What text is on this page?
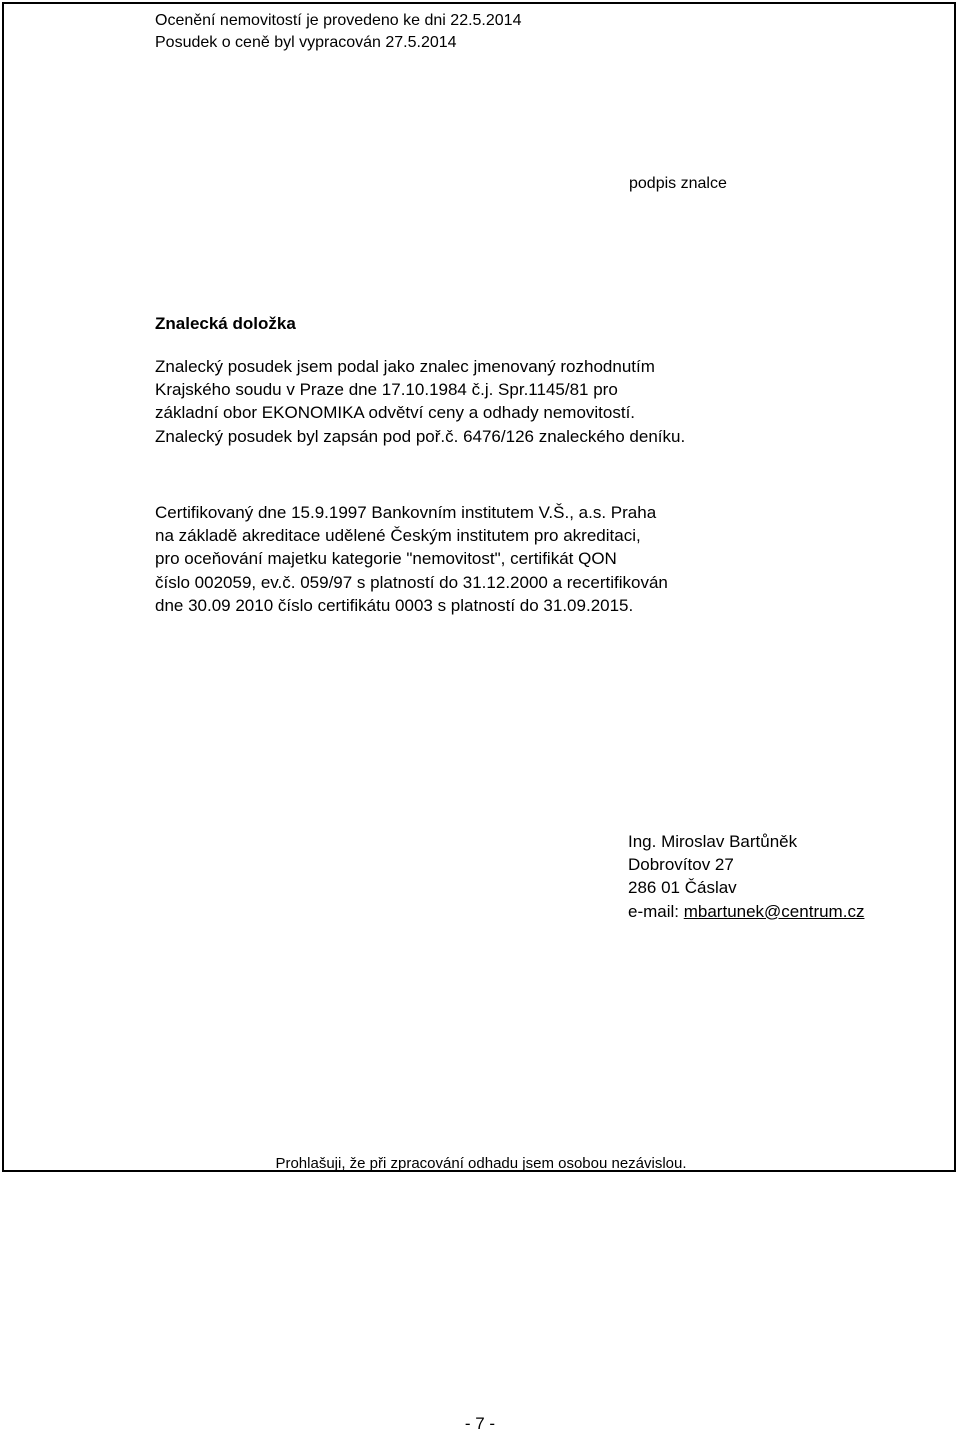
Prohlašuji, že při zpracování odhadu jsem osobou nezávislou.
Ocenění nemovitostí je provedeno ke dni 22.5.2014
Posudek o ceně byl vypracován 27.5.2014
podpis znalce
Znalecká doložka
Znalecký posudek jsem podal jako znalec jmenovaný rozhodnutím
Krajského soudu v Praze dne 17.10.1984 č.j. Spr.1145/81 pro
základní obor EKONOMIKA odvětví ceny a odhady nemovitostí.
Znalecký posudek byl zapsán pod poř.č. 6476/126 znaleckého deníku.
Certifikovaný dne 15.9.1997 Bankovním institutem V.Š., a.s. Praha
na základě akreditace udělené Českým institutem pro akreditaci,
pro oceňování majetku kategorie "nemovitost", certifikát QON
číslo 002059, ev.č. 059/97 s platností do 31.12.2000 a recertifikován
dne 30.09 2010 číslo certifikátu 0003 s platností do 31.09.2015.
Ing. Miroslav Bartůněk
Dobrovítov 27
286 01 Čáslav
e-mail: mbartunek@centrum.cz
- 7 -
